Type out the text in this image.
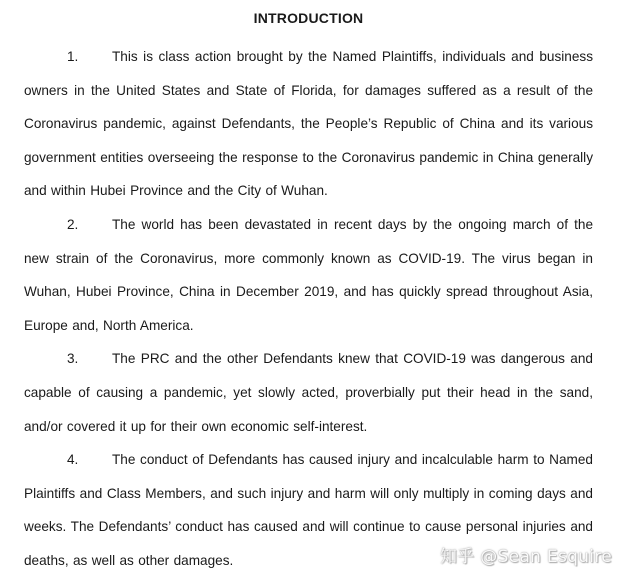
INTRODUCTION

1. This is class action brought by the Named Plaintiffs, individuals and business owners in the United States and State of Florida, for damages suffered as a result of the Coronavirus pandemic, against Defendants, the People’s Republic of China and its various government entities overseeing the response to the Coronavirus pandemic in China generally and within Hubei Province and the City of Wuhan.

2. The world has been devastated in recent days by the ongoing march of the new strain of the Coronavirus, more commonly known as COVID-19. The virus began in Wuhan, Hubei Province, China in December 2019, and has quickly spread throughout Asia, Europe and, North America.

3. The PRC and the other Defendants knew that COVID-19 was dangerous and capable of causing a pandemic, yet slowly acted, proverbially put their head in the sand, and/or covered it up for their own economic self-interest.

4. The conduct of Defendants has caused injury and incalculable harm to Named Plaintiffs and Class Members, and such injury and harm will only multiply in coming days and weeks. The Defendants’ conduct has caused and will continue to cause personal injuries and deaths, as well as other damages.	知乎 @Sean Esquire
